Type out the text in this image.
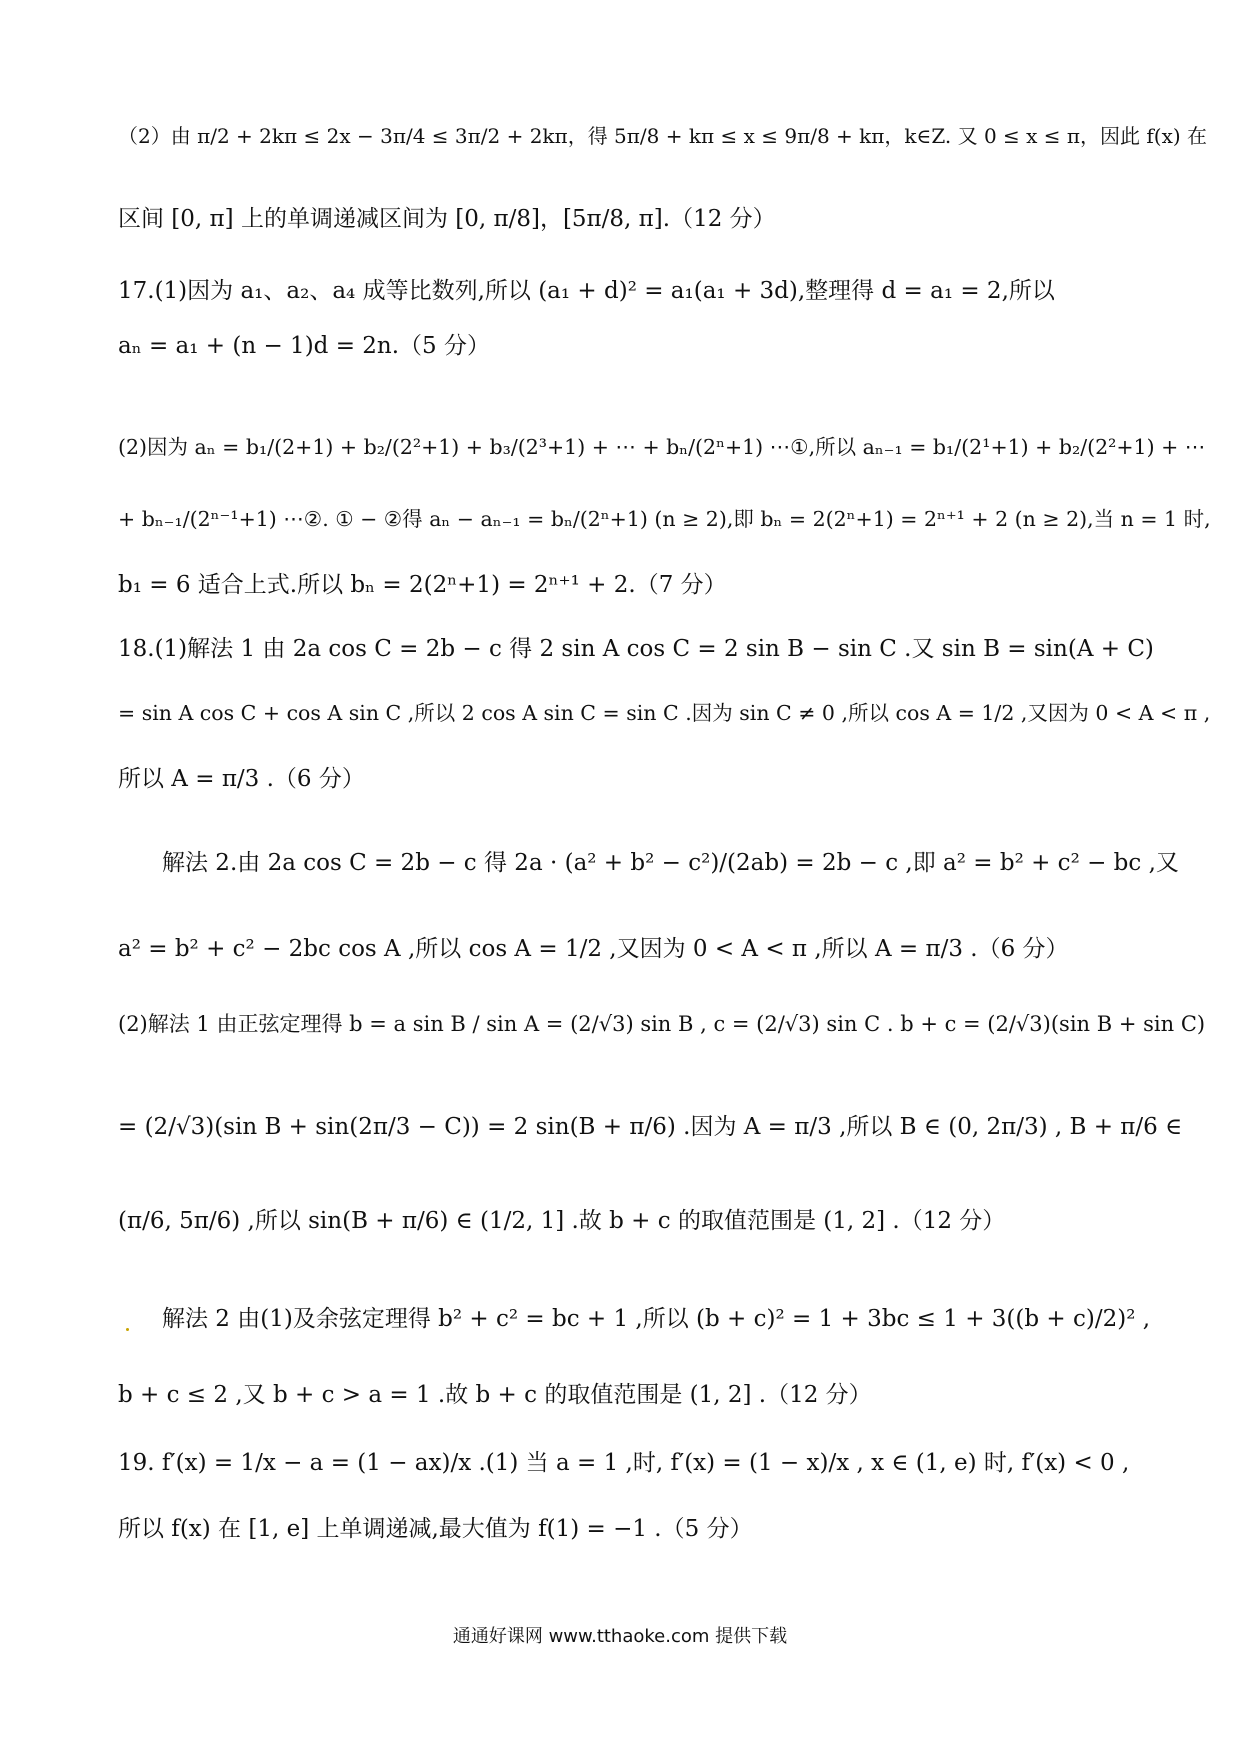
（2）由 π/2 + 2kπ ≤ 2x − 3π/4 ≤ 3π/2 + 2kπ，得 5π/8 + kπ ≤ x ≤ 9π/8 + kπ，k∈Z. 又 0 ≤ x ≤ π，因此 f(x) 在
区间 [0, π] 上的单调递减区间为 [0, π/8]，[5π/8, π].（12 分）
17.(1)因为 a₁、a₂、a₄ 成等比数列,所以 (a₁ + d)² = a₁(a₁ + 3d),整理得 d = a₁ = 2,所以
aₙ = a₁ + (n − 1)d = 2n.（5 分）
(2)因为 aₙ = b₁/(2+1) + b₂/(2²+1) + b₃/(2³+1) + ⋯ + bₙ/(2ⁿ+1) ⋯①,所以 aₙ₋₁ = b₁/(2¹+1) + b₂/(2²+1) + ⋯
+ bₙ₋₁/(2ⁿ⁻¹+1) ⋯②. ① − ②得 aₙ − aₙ₋₁ = bₙ/(2ⁿ+1) (n ≥ 2),即 bₙ = 2(2ⁿ+1) = 2ⁿ⁺¹ + 2 (n ≥ 2),当 n = 1 时,
b₁ = 6 适合上式.所以 bₙ = 2(2ⁿ+1) = 2ⁿ⁺¹ + 2.（7 分）
18.(1)解法 1 由 2a cos C = 2b − c 得 2 sin A cos C = 2 sin B − sin C .又 sin B = sin(A + C)
= sin A cos C + cos A sin C ,所以 2 cos A sin C = sin C .因为 sin C ≠ 0 ,所以 cos A = 1/2 ,又因为 0 < A < π ,
所以 A = π/3 .（6 分）
解法 2.由 2a cos C = 2b − c 得 2a · (a² + b² − c²)/(2ab) = 2b − c ,即 a² = b² + c² − bc ,又
a² = b² + c² − 2bc cos A ,所以 cos A = 1/2 ,又因为 0 < A < π ,所以 A = π/3 .（6 分）
(2)解法 1 由正弦定理得 b = a sin B / sin A = (2/√3) sin B , c = (2/√3) sin C . b + c = (2/√3)(sin B + sin C)
= (2/√3)(sin B + sin(2π/3 − C)) = 2 sin(B + π/6) .因为 A = π/3 ,所以 B ∈ (0, 2π/3) , B + π/6 ∈
(π/6, 5π/6) ,所以 sin(B + π/6) ∈ (1/2, 1] .故 b + c 的取值范围是 (1, 2] .（12 分）
解法 2 由(1)及余弦定理得 b² + c² = bc + 1 ,所以 (b + c)² = 1 + 3bc ≤ 1 + 3((b + c)/2)² ,
b + c ≤ 2 ,又 b + c > a = 1 .故 b + c 的取值范围是 (1, 2] .（12 分）
19. f′(x) = 1/x − a = (1 − ax)/x .(1) 当 a = 1 ,时, f′(x) = (1 − x)/x , x ∈ (1, e) 时, f′(x) < 0 ,
所以 f(x) 在 [1, e] 上单调递减,最大值为 f(1) = −1 .（5 分）
通通好课网 www.tthaoke.com 提供下载
